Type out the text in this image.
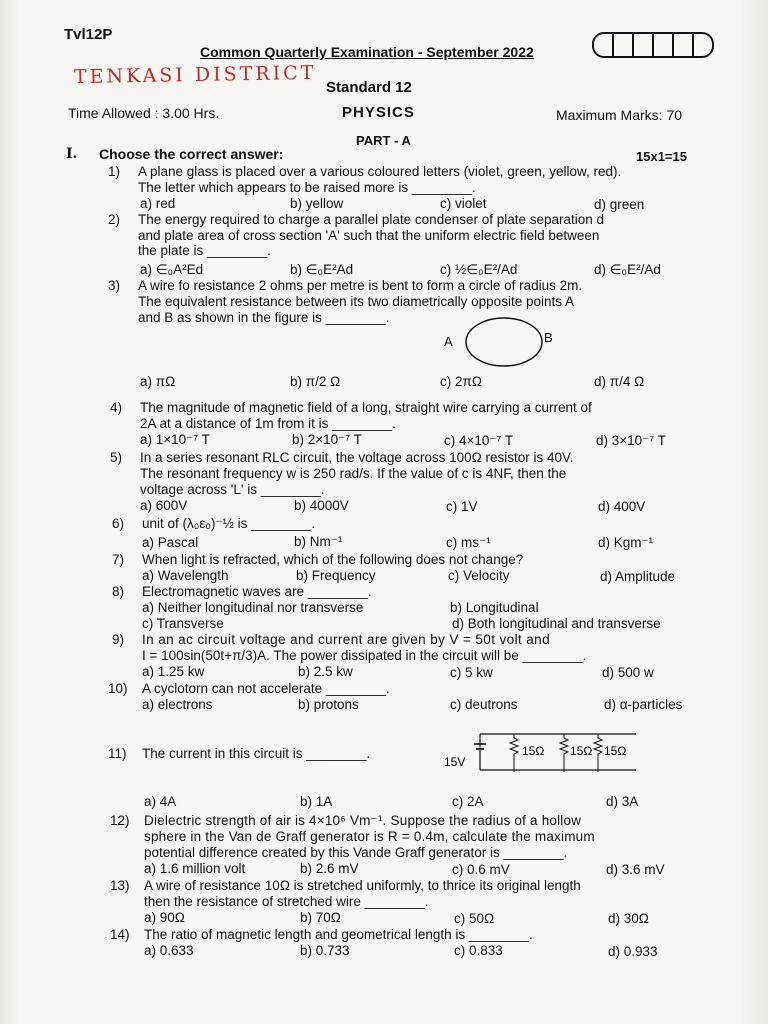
Tvl12P
Common Quarterly Examination - September 2022
TENKASI DISTRICT Standard 12
Time Allowed : 3.00 Hrs.	PHYSICS	Maximum Marks: 70
PART - A
I. Choose the correct answer:	15x1=15
1) A plane glass is placed over a various coloured letters (violet, green, yellow, red).
The letter which appears to be raised more is ________.
a) red	b) yellow	c) violet	d) green
2) The energy required to charge a parallel plate condenser of plate separation d
and plate area of cross section 'A' such that the uniform electric field between
the plate is ________.
a) ∈₀A²Ed	b) ∈₀E²Ad	c) ½∈₀E²/Ad	d) ∈₀E²/Ad
3) A wire fo resistance 2 ohms per metre is bent to form a circle of radius 2m.
The equivalent resistance between its two diametrically opposite points A
and B as shown in the figure is ________.
A	B
a) πΩ	b) π/2 Ω	c) 2πΩ	d) π/4 Ω
4) The magnitude of magnetic field of a long, straight wire carrying a current of
2A at a distance of 1m from it is ________.
a) 1×10⁻⁷ T	b) 2×10⁻⁷ T	c) 4×10⁻⁷ T	d) 3×10⁻⁷ T
5) In a series resonant RLC circuit, the voltage across 100Ω resistor is 40V.
The resonant frequency w is 250 rad/s. If the value of c is 4NF, then the
voltage across 'L' is ________.
a) 600V	b) 4000V	c) 1V	d) 400V
6) unit of (λ₀ε₀)⁻½ is ________.
a) Pascal	b) Nm⁻¹	c) ms⁻¹	d) Kgm⁻¹
7) When light is refracted, which of the following does not change?
a) Wavelength	b) Frequency	c) Velocity	d) Amplitude
8) Electromagnetic waves are ________.
a) Neither longitudinal nor transverse	b) Longitudinal
c) Transverse	d) Both longitudinal and transverse
9) In an ac circuit voltage and current are given by V = 50t volt and
I = 100sin(50t+π/3)A. The power dissipated in the circuit will be ________.
a) 1.25 kw	b) 2.5 kw	c) 5 kw	d) 500 w
10) A cyclotorn can not accelerate ________.
a) electrons	b) protons	c) deutrons	d) α-particles
11) The current in this circuit is ________.
15V
15Ω 15Ω 15Ω
a) 4A	b) 1A	c) 2A	d) 3A
12) Dielectric strength of air is 4×10⁶ Vm⁻¹. Suppose the radius of a hollow
sphere in the Van de Graff generator is R = 0.4m, calculate the maximum
potential difference created by this Vande Graff generator is ________.
a) 1.6 million volt	b) 2.6 mV	c) 0.6 mV	d) 3.6 mV
13) A wire of resistance 10Ω is stretched uniformly, to thrice its original length
then the resistance of stretched wire ________.
a) 90Ω	b) 70Ω	c) 50Ω	d) 30Ω
14) The ratio of magnetic length and geometrical length is ________.
a) 0.633	b) 0.733	c) 0.833	d) 0.933
